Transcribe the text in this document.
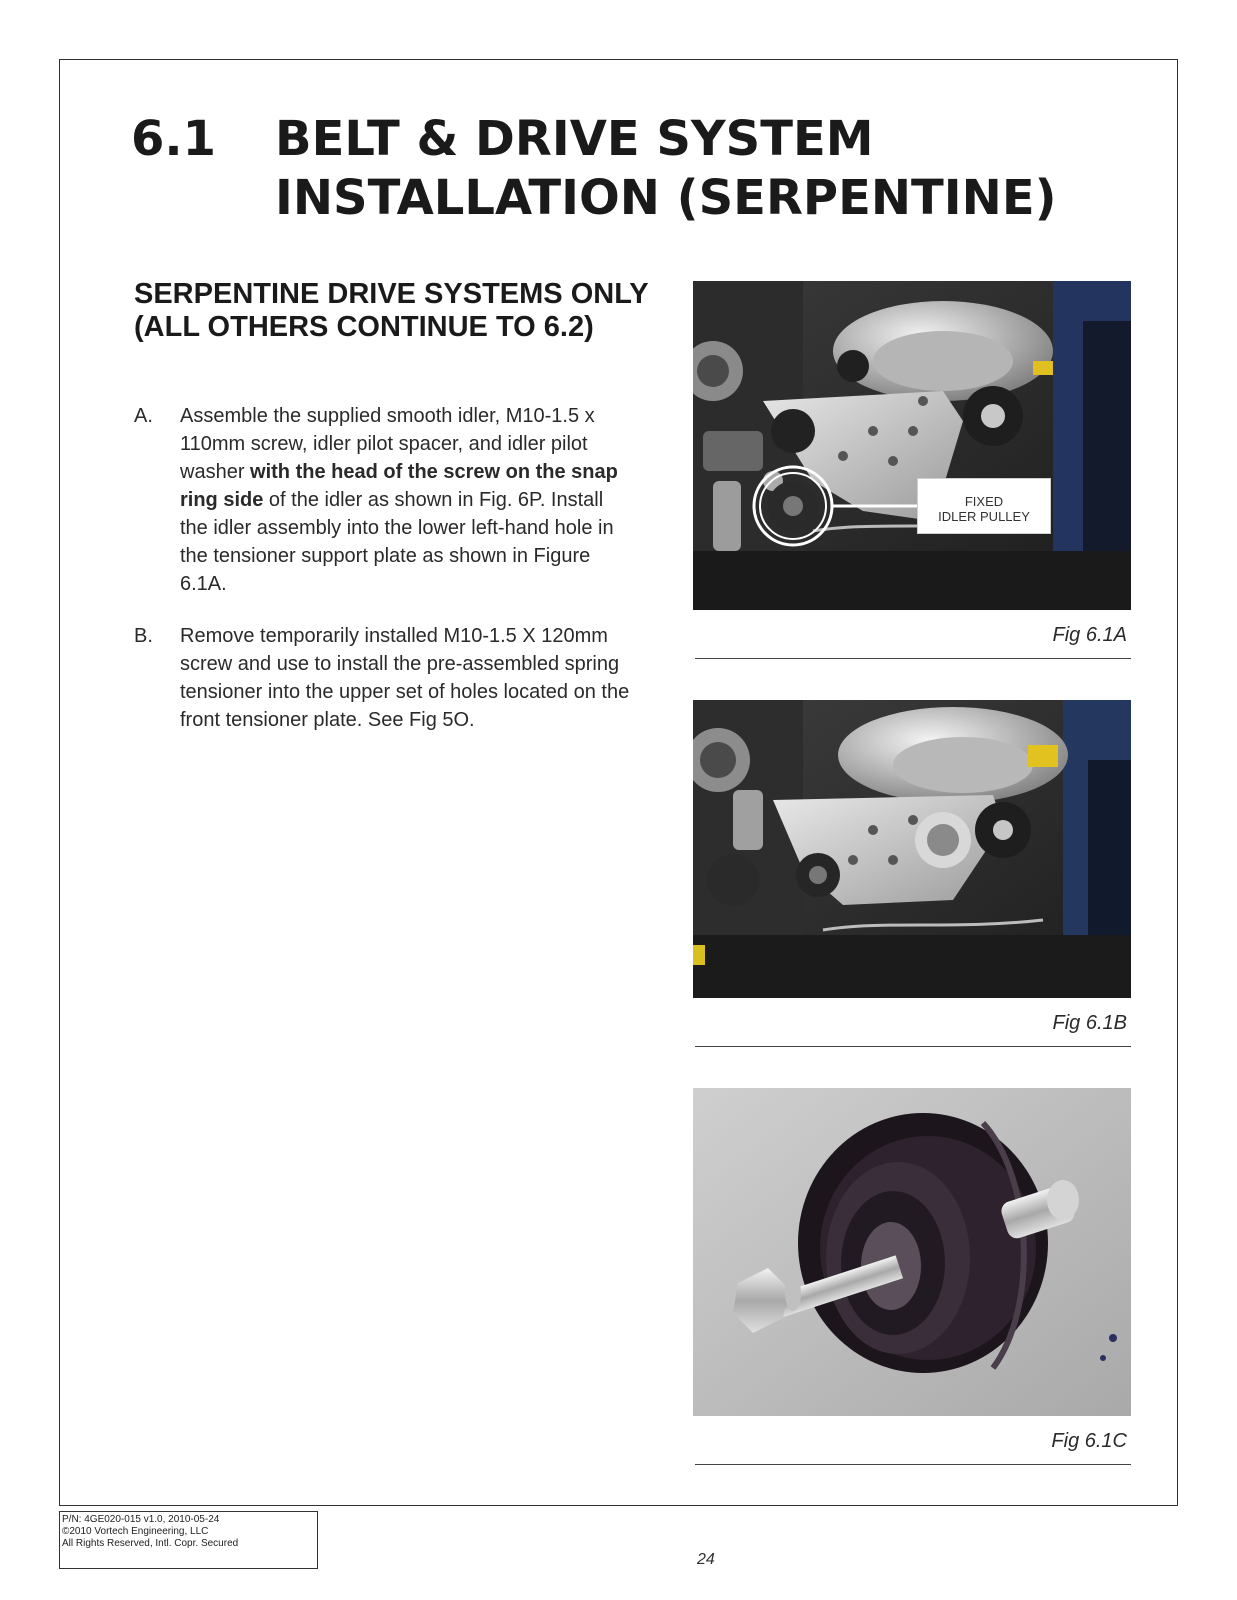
6.1 BELT & DRIVE SYSTEM
INSTALLATION (SERPENTINE)
SERPENTINE DRIVE SYSTEMS ONLY (ALL OTHERS CONTINUE TO 6.2)
A. Assemble the supplied smooth idler, M10-1.5 x 110mm screw, idler pilot spacer, and idler pilot washer with the head of the screw on the snap ring side of the idler as shown in Fig. 6P. Install the idler assembly into the lower left-hand hole in the tensioner support plate as shown in Figure 6.1A.
B. Remove temporarily installed M10-1.5 X 120mm screw and use to install the pre-assembled spring tensioner into the upper set of holes located on the front tensioner plate. See Fig 5O.
FIXED
IDLER PULLEY
Fig 6.1A
Fig 6.1B
Fig 6.1C
P/N: 4GE020-015 v1.0, 2010-05-24
©2010 Vortech Engineering, LLC
All Rights Reserved, Intl. Copr. Secured
24
